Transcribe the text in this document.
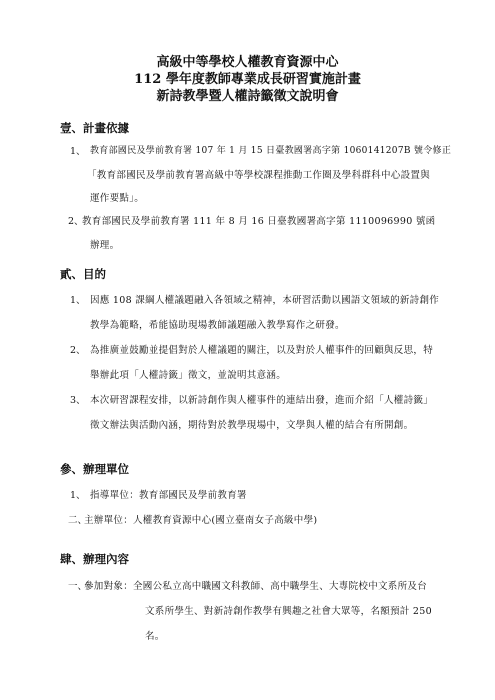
高級中等學校人權教育資源中心
112 學年度教師專業成長研習實施計畫
新詩教學暨人權詩籤徵文說明會
壹、計畫依據
1、 教育部國民及學前教育署 107 年 1 月 15 日臺教國署高字第 1060141207B 號令修正
「教育部國民及學前教育署高級中等學校課程推動工作圈及學科群科中心設置與
運作要點」。
2、
教育部國民及學前教育署 111 年 8 月 16 日臺教國署高字第 1110096990 號函
辦理。
貳、目的
1、 因應 108 課綱人權議題融入各領域之精神，本研習活動以國語文領域的新詩創作
教學為範略，希能協助現場教師議題融入教學寫作之研發。
2、 為推廣並鼓勵並提倡對於人權議題的關注，以及對於人權事件的回顧與反思，特
舉辦此項「人權詩籤」徵文，並說明其意涵。
3、 本次研習課程安排，以新詩創作與人權事件的連結出發，進而介紹「人權詩籤」
徵文辦法與活動內涵，期待對於教學現場中，文學與人權的結合有所開創。
參、辦理單位
1、 指導單位：教育部國民及學前教育署
二、
主辦單位：人權教育資源中心(國立臺南女子高級中學)
肆、辦理內容
一、
參加對象：全國公私立高中職國文科教師、高中職學生、大專院校中文系所及台
文系所學生、對新詩創作教學有興趣之社會大眾等，名額預計 250
名。
